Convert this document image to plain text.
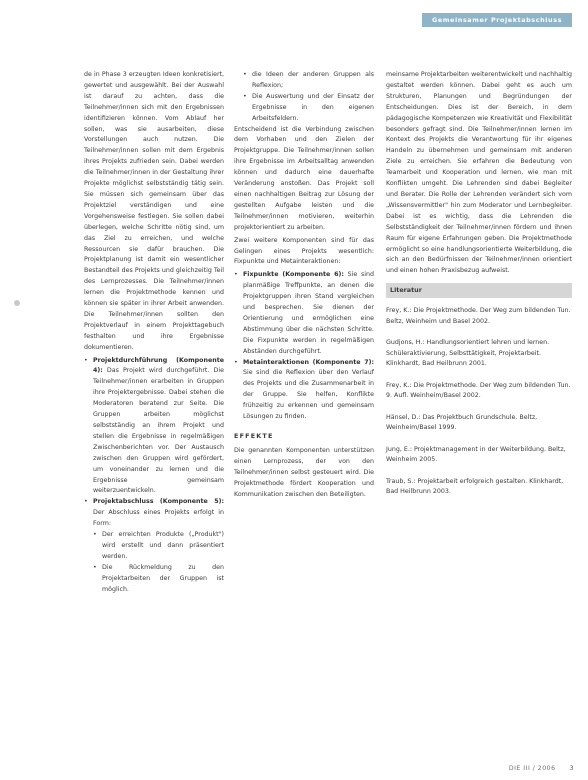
Gemeinsamer Projektabschluss

de in Phase 3 erzeugten Ideen konkretisiert, gewertet und ausgewählt. Bei der Auswahl ist darauf zu achten, dass die Teilnehmer/innen sich mit den Ergebnissen identifizieren können. Vom Ablauf her sollen, was sie ausarbeiten, diese Vorstellungen auch nutzen. Die Teilnehmer/innen sollen mit dem Ergebnis ihres Projekts zufrieden sein. Dabei werden die Teilnehmer/innen in der Gestaltung ihrer Projekte möglichst selbstständig tätig sein. Sie müssen sich gemeinsam über das Projektziel verständigen und eine Vorgehensweise festlegen. Sie sollen dabei überlegen, welche Schritte nötig sind, um das Ziel zu erreichen, und welche Ressourcen sie dafür brauchen. Die Projektplanung ist damit ein wesentlicher Bestandteil des Projekts und gleichzeitig Teil des Lernprozesses. Die Teilnehmer/innen lernen die Projektmethode kennen und können sie später in ihrer Arbeit anwenden. Die Teilnehmer/innen sollten den Projektverlauf in einem Projekttagebuch festhalten und ihre Ergebnisse dokumentieren.

• Projektdurchführung (Komponente 4): Das Projekt wird durchgeführt. Die Teilnehmer/innen erarbeiten in Gruppen ihre Projektergebnisse. Dabei stehen die Moderatoren beratend zur Seite. Die Gruppen arbeiten möglichst selbstständig an ihrem Projekt und stellen die Ergebnisse in regelmäßigen Zwischenberichten vor. Der Austausch zwischen den Gruppen wird gefördert, um voneinander zu lernen und die Ergebnisse gemeinsam weiterzuentwickeln.
• Projektabschluss (Komponente 5): Der Abschluss eines Projekts erfolgt in Form:
• Der erreichten Produkte („Produkt") wird erstellt und dann präsentiert werden.
• Die Rückmeldung zu den Projektarbeiten der Gruppen ist möglich.
• die Ideen der anderen Gruppen als Reflexion;
• Die Auswertung und der Einsatz der Ergebnisse in den eigenen Arbeitsfeldern.

Entscheidend ist die Verbindung zwischen dem Vorhaben und den Zielen der Projektgruppe. Die Teilnehmer/innen sollen ihre Ergebnisse im Arbeitsalltag anwenden können und dadurch eine dauerhafte Veränderung anstoßen. Das Projekt soll einen nachhaltigen Beitrag zur Lösung der gestellten Aufgabe leisten und die Teilnehmer/innen motivieren, weiterhin projektorientiert zu arbeiten.

Zwei weitere Komponenten sind für das Gelingen eines Projekts wesentlich: Fixpunkte und Metainteraktionen:

• Fixpunkte (Komponente 6): Sie sind planmäßige Treffpunkte, an denen die Projektgruppen ihren Stand vergleichen und besprechen. Sie dienen der Orientierung und ermöglichen eine Abstimmung über die nächsten Schritte. Die Fixpunkte werden in regelmäßigen Abständen durchgeführt.
• Metainteraktionen (Komponente 7): Sie sind die Reflexion über den Verlauf des Projekts und die Zusammenarbeit in der Gruppe. Sie helfen, Konflikte frühzeitig zu erkennen und gemeinsam Lösungen zu finden.
EFFEKTE

Die genannten Komponenten unterstützen einen Lernprozess, der von den Teilnehmer/innen selbst gesteuert wird. Die Projektmethode fördert Kooperation und Kommunikation zwischen den Beteiligten.

meinsame Projektarbeiten weiterentwickelt und nachhaltig gestaltet werden können. Dabei geht es auch um Strukturen, Planungen und Begründungen der Entscheidungen. Dies ist der Bereich, in dem pädagogische Kompetenzen wie Kreativität und Flexibilität besonders gefragt sind. Die Teilnehmer/innen lernen im Kontext des Projekts die Verantwortung für ihr eigenes Handeln zu übernehmen und gemeinsam mit anderen Ziele zu erreichen. Sie erfahren die Bedeutung von Teamarbeit und Kooperation und lernen, wie man mit Konflikten umgeht. Die Lehrenden sind dabei Begleiter und Berater. Die Rolle der Lehrenden verändert sich vom „Wissensvermittler" hin zum Moderator und Lernbegleiter. Dabei ist es wichtig, dass die Lehrenden die Selbstständigkeit der Teilnehmer/innen fördern und ihnen Raum für eigene Erfahrungen geben. Die Projektmethode ermöglicht so eine handlungsorientierte Weiterbildung, die sich an den Bedürfnissen der Teilnehmer/innen orientiert und einen hohen Praxisbezug aufweist.

Literatur
Frey, K.: Die Projektmethode. Der Weg zum bildenden Tun. Beltz, Weinheim und Basel 2002.
Gudjons, H.: Handlungsorientiert lehren und lernen. Schüleraktivierung, Selbsttätigkeit, Projektarbeit. Klinkhardt, Bad Heilbrunn 2001.
Frey, K.: Die Projektmethode. Der Weg zum bildenden Tun. 9. Aufl. Weinheim/Basel 2002.
Hänsel, D.: Das Projektbuch Grundschule. Beltz, Weinheim/Basel 1999.
Jung, E.: Projektmanagement in der Weiterbildung. Beltz, Weinheim 2005.
Traub, S.: Projektarbeit erfolgreich gestalten. Klinkhardt, Bad Heilbrunn 2003.
DIE III / 2006 3
